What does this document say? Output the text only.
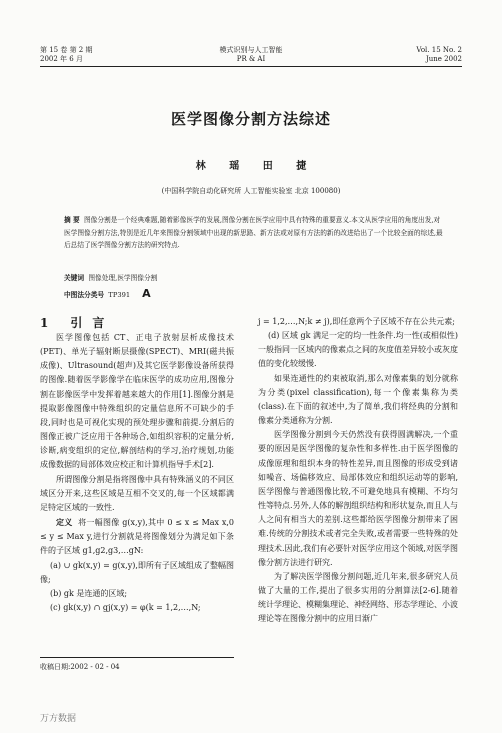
第 15 卷 第 2 期
2002 年 6 月
模式识别与人工智能
PR & AI
Vol. 15 No. 2
June 2002
医学图像分割方法综述
林 瑶 田 捷
(中国科学院自动化研究所 人工智能实验室 北京 100080)
摘 要 图像分割是一个经典难题,随着影像医学的发展,图像分割在医学应用中具有特殊的重要意义.本文从医学应用的角度出发,对医学图像分割方法,特别是近几年来图像分割领域中出现的新思路、新方法或对原有方法的新的改进给出了一个比较全面的综述,最后总结了医学图像分割方法的研究特点.
关键词 图像处理,医学图像分割
中图法分类号 TP391 A

1 引言

医学图像包括 CT、正电子放射层析成像技术(PET)、单光子辐射断层摄像(SPECT)、MRI(磁共振成像)、Ultrasound(超声)及其它医学影像设备所获得的图像.随着医学影像学在临床医学的成功应用,图像分割在影像医学中发挥着越来越大的作用[1].图像分割是提取影像图像中特殊组织的定量信息所不可缺少的手段,同时也是可视化实现的预处理步骤和前提.分割后的图像正被广泛应用于各种场合,如组织容积的定量分析,诊断,病变组织的定位,解剖结构的学习,治疗规划,功能成像数据的局部体效应校正和计算机指导手术[2].

所谓图像分割是指将图像中具有特殊涵义的不同区域区分开来,这些区域是互相不交叉的,每一个区域都满足特定区域的一致性.

定义 将一幅图像 g(x,y),其中 0 ≤ x ≤ Max x,0 ≤ y ≤ Max y,进行分割就是将图像划分为满足如下条件的子区域 g1,g2,g3,…gN:

(a) ∪ gk(x,y) = g(x,y),即所有子区域组成了整幅图像;

(b) gk 是连通的区域;

(c) gk(x,y) ∩ gj(x,y) = φ(k = 1,2,…,N;

收稿日期:2002 - 02 - 04

j = 1,2,…,N;k ≠ j),即任意两个子区域不存在公共元素;

(d) 区域 gk 满足一定的均一性条件.均一性(或相似性)一般指同一区域内的像素点之间的灰度值差异较小或灰度值的变化较缓慢.

如果连通性的约束被取消,那么对像素集的划分就称为分类(pixel classification),每一个像素集称为类(class).在下面的叙述中,为了简单,我们将经典的分割和像素分类通称为分割.

医学图像分割到今天仍然没有获得圆满解决,一个重要的原因是医学图像的复杂性和多样性.由于医学图像的成像原理和组织本身的特性差异,而且图像的形成受到诸如噪音、场偏移效应、局部体效应和组织运动等的影响,医学图像与普通图像比较,不可避免地具有模糊、不均匀性等特点.另外,人体的解剖组织结构和形状复杂,而且人与人之间有相当大的差别.这些都给医学图像分割带来了困难.传统的分割技术或者完全失败,或者需要一些特殊的处理技术.因此,我们有必要针对医学应用这个领域,对医学图像分割方法进行研究.

为了解决医学图像分割问题,近几年来,很多研究人员做了大量的工作,提出了很多实用的分割算法[2-6].随着统计学理论、模糊集理论、神经网络、形态学理论、小波理论等在图像分割中的应用日渐广

万方数据
